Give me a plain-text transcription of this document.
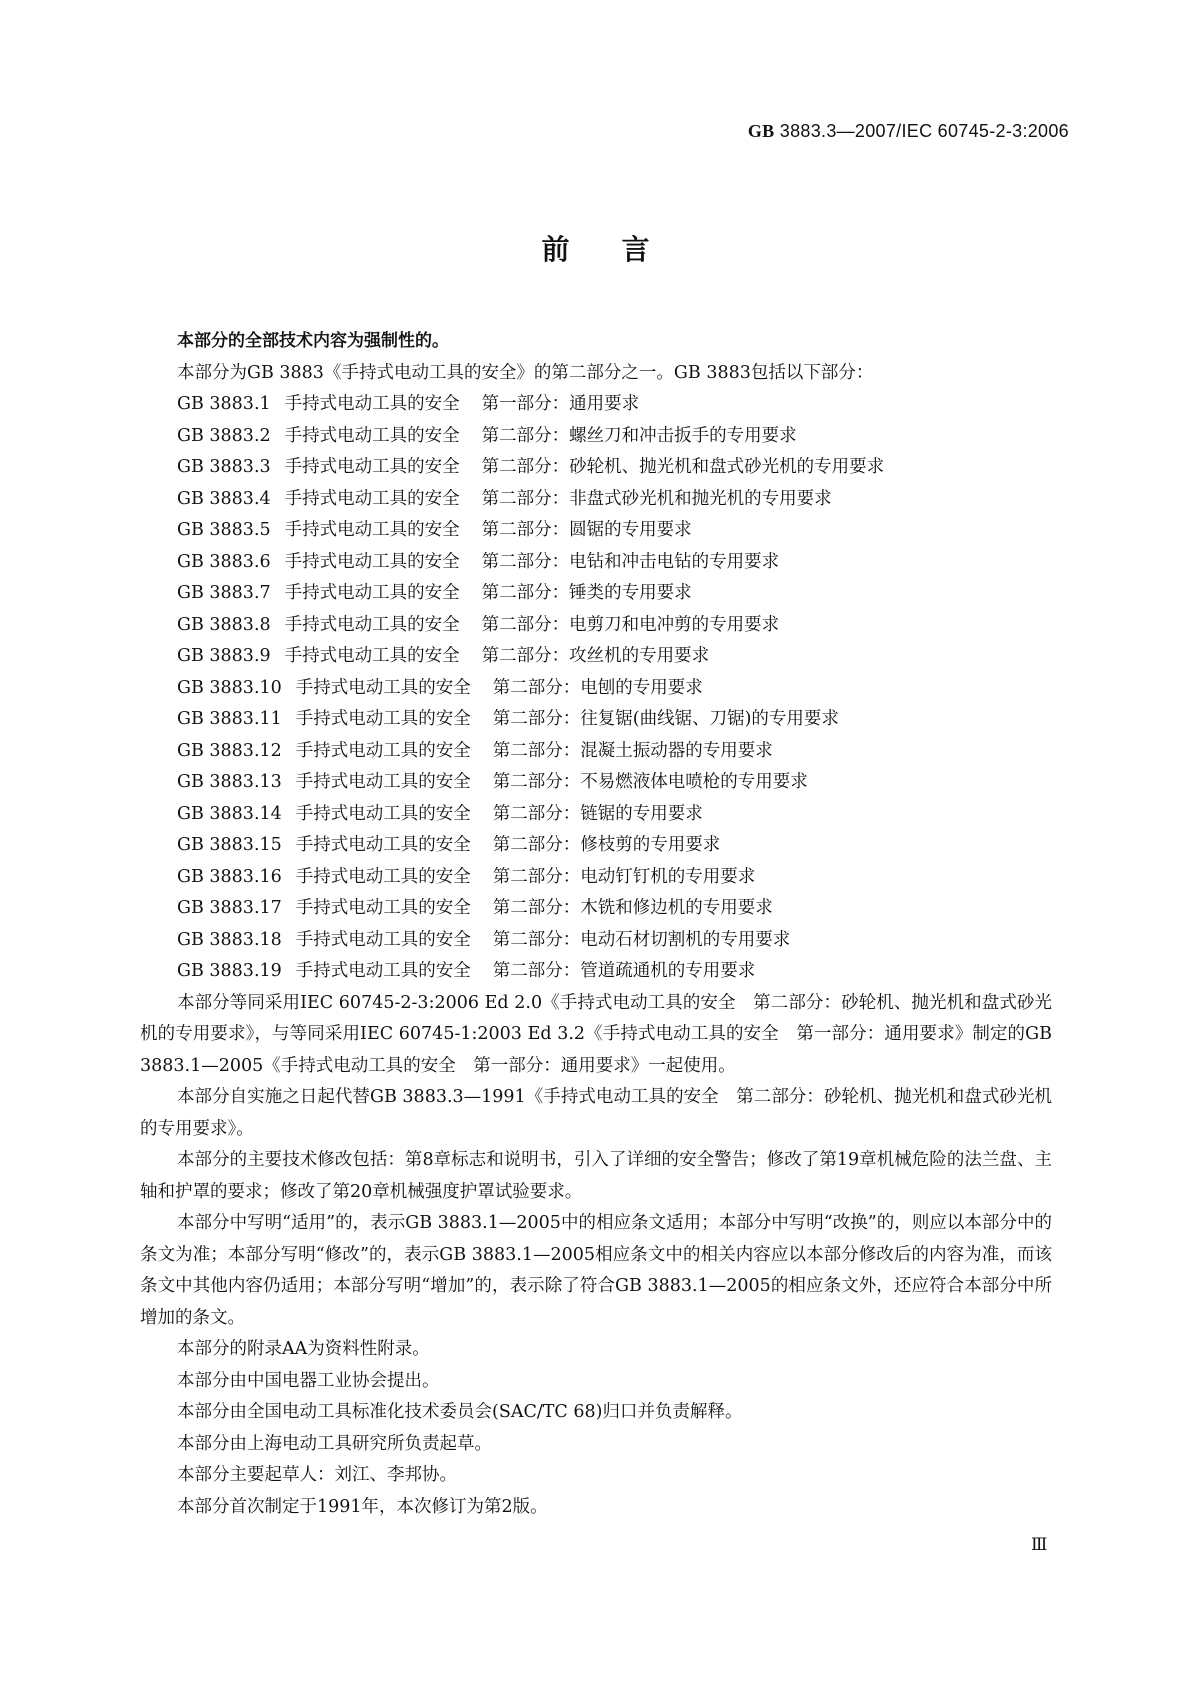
GB 3883.3—2007/IEC 60745-2-3:2006
前言

本部分的全部技术内容为强制性的。

本部分为GB 3883《手持式电动工具的安全》的第二部分之一。GB 3883包括以下部分：

GB 3883.1 手持式电动工具的安全 第一部分：通用要求
GB 3883.2 手持式电动工具的安全 第二部分：螺丝刀和冲击扳手的专用要求
GB 3883.3 手持式电动工具的安全 第二部分：砂轮机、抛光机和盘式砂光机的专用要求
GB 3883.4 手持式电动工具的安全 第二部分：非盘式砂光机和抛光机的专用要求
GB 3883.5 手持式电动工具的安全 第二部分：圆锯的专用要求
GB 3883.6 手持式电动工具的安全 第二部分：电钻和冲击电钻的专用要求
GB 3883.7 手持式电动工具的安全 第二部分：锤类的专用要求
GB 3883.8 手持式电动工具的安全 第二部分：电剪刀和电冲剪的专用要求
GB 3883.9 手持式电动工具的安全 第二部分：攻丝机的专用要求
GB 3883.10 手持式电动工具的安全 第二部分：电刨的专用要求
GB 3883.11 手持式电动工具的安全 第二部分：往复锯(曲线锯、刀锯)的专用要求
GB 3883.12 手持式电动工具的安全 第二部分：混凝土振动器的专用要求
GB 3883.13 手持式电动工具的安全 第二部分：不易燃液体电喷枪的专用要求
GB 3883.14 手持式电动工具的安全 第二部分：链锯的专用要求
GB 3883.15 手持式电动工具的安全 第二部分：修枝剪的专用要求
GB 3883.16 手持式电动工具的安全 第二部分：电动钉钉机的专用要求
GB 3883.17 手持式电动工具的安全 第二部分：木铣和修边机的专用要求
GB 3883.18 手持式电动工具的安全 第二部分：电动石材切割机的专用要求
GB 3883.19 手持式电动工具的安全 第二部分：管道疏通机的专用要求

本部分等同采用IEC 60745-2-3:2006 Ed 2.0《手持式电动工具的安全　第二部分：砂轮机、抛光机和盘式砂光机的专用要求》，与等同采用IEC 60745-1:2003 Ed 3.2《手持式电动工具的安全　第一部分：通用要求》制定的GB 3883.1—2005《手持式电动工具的安全　第一部分：通用要求》一起使用。

本部分自实施之日起代替GB 3883.3—1991《手持式电动工具的安全　第二部分：砂轮机、抛光机和盘式砂光机的专用要求》。

本部分的主要技术修改包括：第8章标志和说明书，引入了详细的安全警告；修改了第19章机械危险的法兰盘、主轴和护罩的要求；修改了第20章机械强度护罩试验要求。

本部分中写明“适用”的，表示GB 3883.1—2005中的相应条文适用；本部分中写明“改换”的，则应以本部分中的条文为准；本部分写明“修改”的，表示GB 3883.1—2005相应条文中的相关内容应以本部分修改后的内容为准，而该条文中其他内容仍适用；本部分写明“增加”的，表示除了符合GB 3883.1—2005的相应条文外，还应符合本部分中所增加的条文。

本部分的附录AA为资料性附录。

本部分由中国电器工业协会提出。

本部分由全国电动工具标准化技术委员会(SAC/TC 68)归口并负责解释。

本部分由上海电动工具研究所负责起草。

本部分主要起草人：刘江、李邦协。

本部分首次制定于1991年，本次修订为第2版。

Ⅲ
